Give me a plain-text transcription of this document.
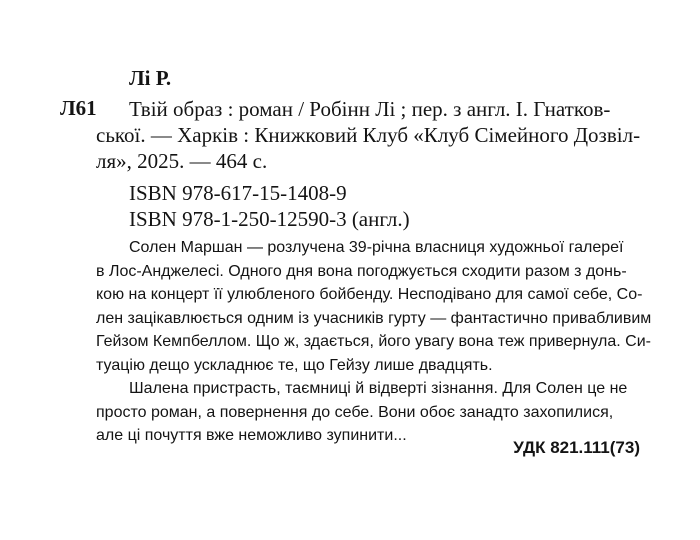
Лі Р.
Л61	Твій образ : роман / Робінн Лі ; пер. з англ. І. Гнатков-
ської. — Харків : Книжковий Клуб «Клуб Сімейного Дозвіл-
ля», 2025. — 464 с.
ISBN 978-617-15-1408-9
ISBN 978-1-250-12590-3 (англ.)
Солен Маршан — розлучена 39-річна власниця художньої галереї
в Лос-Анджелесі. Одного дня вона погоджується сходити разом з донь-
кою на концерт її улюбленого бойбенду. Несподівано для самої себе, Со-
лен зацікавлюється одним із учасників гурту — фантастично привабливим
Гейзом Кемпбеллом. Що ж, здається, його увагу вона теж привернула. Си-
туацію дещо ускладнює те, що Гейзу лише двадцять.
Шалена пристрасть, таємниці й відверті зізнання. Для Солен це не
просто роман, а повернення до себе. Вони обоє занадто захопилися,
але ці почуття вже неможливо зупинити...
УДК 821.111(73)
